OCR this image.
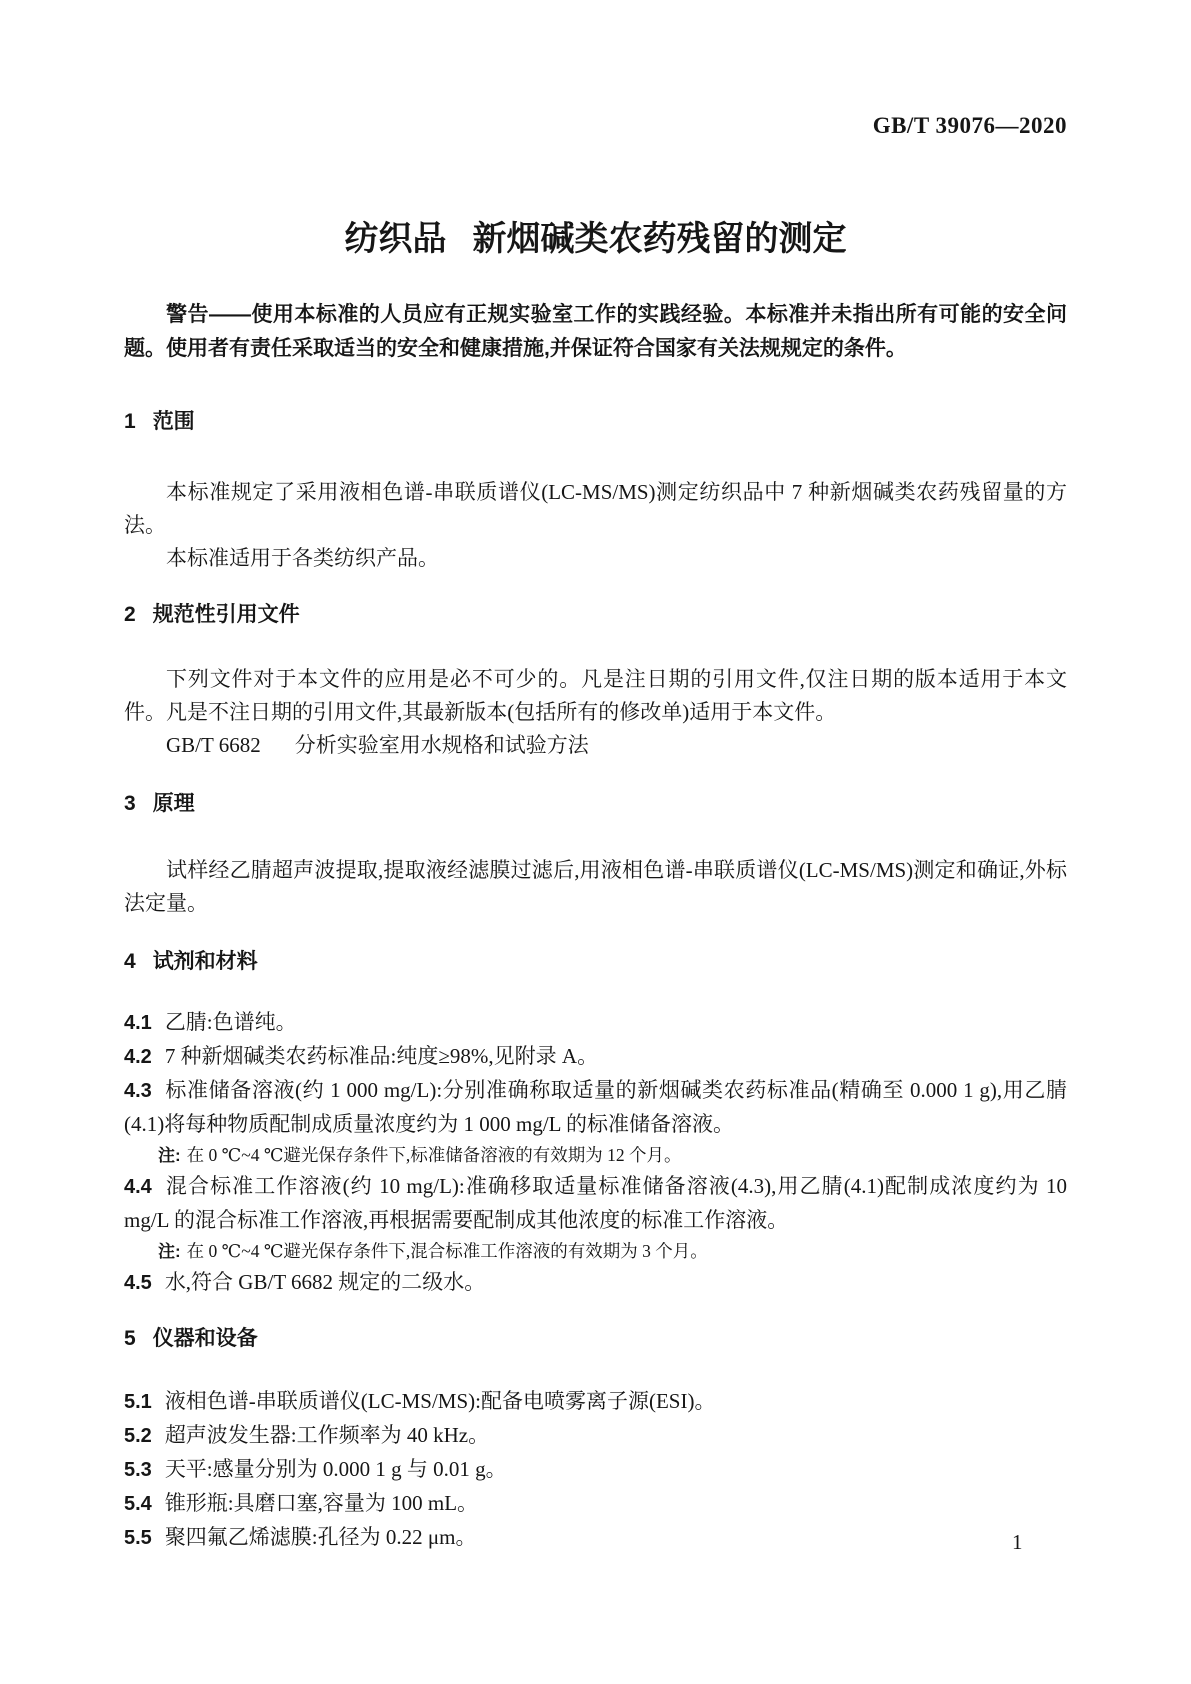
GB/T 39076—2020
纺织品 新烟碱类农药残留的测定

警告——使用本标准的人员应有正规实验室工作的实践经验。本标准并未指出所有可能的安全问题。使用者有责任采取适当的安全和健康措施,并保证符合国家有关法规规定的条件。

1 范围

本标准规定了采用液相色谱-串联质谱仪(LC-MS/MS)测定纺织品中 7 种新烟碱类农药残留量的方法。

本标准适用于各类纺织产品。

2 规范性引用文件

下列文件对于本文件的应用是必不可少的。凡是注日期的引用文件,仅注日期的版本适用于本文件。凡是不注日期的引用文件,其最新版本(包括所有的修改单)适用于本文件。

GB/T 6682 分析实验室用水规格和试验方法

3 原理

试样经乙腈超声波提取,提取液经滤膜过滤后,用液相色谱-串联质谱仪(LC-MS/MS)测定和确证,外标法定量。

4 试剂和材料

4.1 乙腈:色谱纯。

4.2 7 种新烟碱类农药标准品:纯度≥98%,见附录 A。

4.3 标准储备溶液(约 1 000 mg/L):分别准确称取适量的新烟碱类农药标准品(精确至 0.000 1 g),用乙腈(4.1)将每种物质配制成质量浓度约为 1 000 mg/L 的标准储备溶液。

注: 在 0 ℃~4 ℃避光保存条件下,标准储备溶液的有效期为 12 个月。

4.4 混合标准工作溶液(约 10 mg/L):准确移取适量标准储备溶液(4.3),用乙腈(4.1)配制成浓度约为 10 mg/L 的混合标准工作溶液,再根据需要配制成其他浓度的标准工作溶液。

注: 在 0 ℃~4 ℃避光保存条件下,混合标准工作溶液的有效期为 3 个月。

4.5 水,符合 GB/T 6682 规定的二级水。

5 仪器和设备

5.1 液相色谱-串联质谱仪(LC-MS/MS):配备电喷雾离子源(ESI)。

5.2 超声波发生器:工作频率为 40 kHz。

5.3 天平:感量分别为 0.000 1 g 与 0.01 g。

5.4 锥形瓶:具磨口塞,容量为 100 mL。

5.5 聚四氟乙烯滤膜:孔径为 0.22 μm。	1
